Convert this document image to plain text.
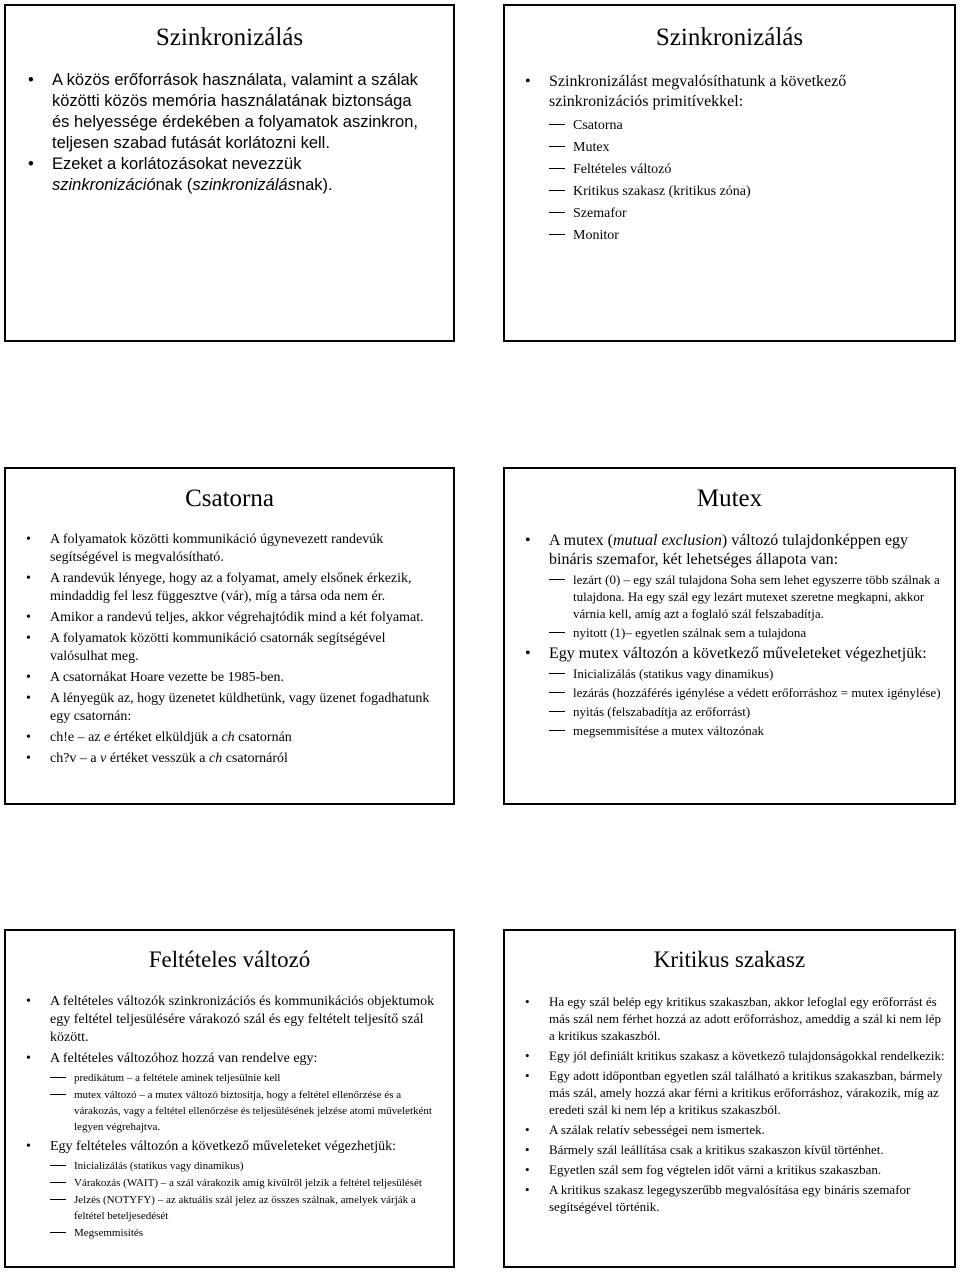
Szinkronizálás
• A közös erőforrások használata, valamint a szálak közötti közös memória használatának biztonsága és helyessége érdekében a folyamatok aszinkron, teljesen szabad futását korlátozni kell.
• Ezeket a korlátozásokat nevezzük szinkronizációnak (szinkronizálásnak).
Szinkronizálás
• Szinkronizálást megvalósíthatunk a következő szinkronizációs primitívekkel:
Csatorna
Mutex
Feltételes változó
Kritikus szakasz (kritikus zóna)
Szemafor
Monitor
Csatorna
• A folyamatok közötti kommunikáció úgynevezett randevúk segítségével is megvalósítható.
• A randevúk lényege, hogy az a folyamat, amely elsőnek érkezik, mindaddig fel lesz függesztve (vár), míg a társa oda nem ér.
• Amikor a randevú teljes, akkor végrehajtódik mind a két folyamat.
• A folyamatok közötti kommunikáció csatornák segítségével valósulhat meg.
• A csatornákat Hoare vezette be 1985-ben.
• A lényegük az, hogy üzenetet küldhetünk, vagy üzenet fogadhatunk egy csatornán:
• ch!e – az e értéket elküldjük a ch csatornán
• ch?v – a v értéket vesszük a ch csatornáról
Mutex
• A mutex (mutual exclusion) változó tulajdonképpen egy bináris szemafor, két lehetséges állapota van:
lezárt (0) – egy szál tulajdona Soha sem lehet egyszerre több szálnak a tulajdona. Ha egy szál egy lezárt mutexet szeretne megkapni, akkor várnia kell, amíg azt a foglaló szál felszabadítja.
nyitott (1)– egyetlen szálnak sem a tulajdona
• Egy mutex változón a következő műveleteket végezhetjük:
Inicializálás (statikus vagy dinamikus)
lezárás (hozzáférés igénylése a védett erőforráshoz = mutex igénylése)
nyitás (felszabadítja az erőforrást)
megsemmisítése a mutex változónak
Feltételes változó
• A feltételes változók szinkronizációs és kommunikációs objektumok egy feltétel teljesülésére várakozó szál és egy feltételt teljesítő szál között.
• A feltételes változóhoz hozzá van rendelve egy:
predikátum – a feltétele aminek teljesülnie kell
mutex változó – a mutex változó biztosítja, hogy a feltétel ellenőrzése és a várakozás, vagy a feltétel ellenőrzése és teljesülésének jelzése atomi műveletként legyen végrehajtva.
• Egy feltételes változón a következő műveleteket végezhetjük:
Inicializálás (statikus vagy dinamikus)
Várakozás (WAIT) – a szál várakozik amíg kívülről jelzik a feltétel teljesülését
Jelzés (NOTYFY) – az aktuális szál jelez az összes szálnak, amelyek várják a feltétel beteljesedését
Megsemmisítés
Kritikus szakasz
• Ha egy szál belép egy kritikus szakaszban, akkor lefoglal egy erőforrást és más szál nem férhet hozzá az adott erőforráshoz, ameddig a szál ki nem lép a kritikus szakaszból.
• Egy jól definiált kritikus szakasz a következő tulajdonságokkal rendelkezik:
• Egy adott időpontban egyetlen szál található a kritikus szakaszban, bármely más szál, amely hozzá akar férni a kritikus erőforráshoz, várakozik, míg az eredeti szál ki nem lép a kritikus szakaszból.
• A szálak relatív sebességei nem ismertek.
• Bármely szál leállítása csak a kritikus szakaszon kívül történhet.
• Egyetlen szál sem fog végtelen időt várni a kritikus szakaszban.
• A kritikus szakasz legegyszerűbb megvalósítása egy bináris szemafor segítségével történik.
